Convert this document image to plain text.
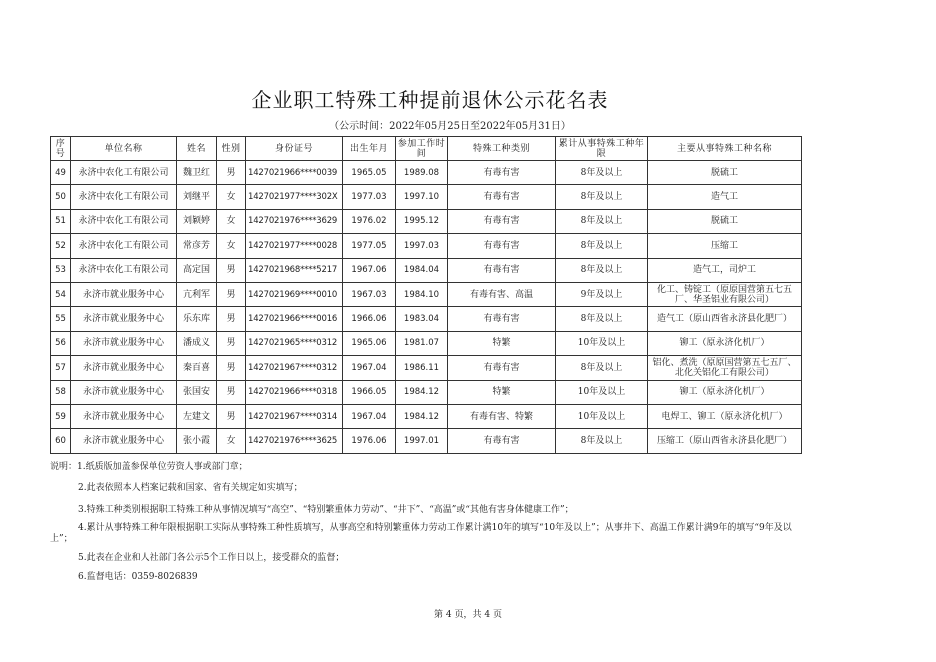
企业职工特殊工种提前退休公示花名表
（公示时间：2022年05月25日至2022年05月31日）
序号	单位名称	姓名	性别	身份证号	出生年月	参加工作时间	特殊工种类别	累计从事特殊工种年限	主要从事特殊工种名称
49	永济中农化工有限公司	魏卫红	男	1427021966****0039	1965.05	1989.08	有毒有害	8年及以上	脱硫工
50	永济中农化工有限公司	刘继平	女	1427021977****302X	1977.03	1997.10	有毒有害	8年及以上	造气工
51	永济中农化工有限公司	刘颖婷	女	1427021976****3629	1976.02	1995.12	有毒有害	8年及以上	脱硫工
52	永济中农化工有限公司	常彦芳	女	1427021977****0028	1977.05	1997.03	有毒有害	8年及以上	压缩工
53	永济中农化工有限公司	高定国	男	1427021968****5217	1967.06	1984.04	有毒有害	8年及以上	造气工，司炉工
54	永济市就业服务中心	亢利军	男	1427021969****0010	1967.03	1984.10	有毒有害、高温	9年及以上	化工、铸锭工（原原国营第五七五厂、华圣铝业有限公司）
55	永济市就业服务中心	乐东库	男	1427021966****0016	1966.06	1983.04	有毒有害	8年及以上	造气工（原山西省永济县化肥厂）
56	永济市就业服务中心	潘成义	男	1427021965****0312	1965.06	1981.07	特繁	10年及以上	铆工（原永济化机厂）
57	永济市就业服务中心	秦百喜	男	1427021967****0312	1967.04	1986.11	有毒有害	8年及以上	铝化、煮洗（原原国营第五七五厂、北化关铝化工有限公司）
58	永济市就业服务中心	张国安	男	1427021966****0318	1966.05	1984.12	特繁	10年及以上	铆工（原永济化机厂）
59	永济市就业服务中心	左建文	男	1427021967****0314	1967.04	1984.12	有毒有害、特繁	10年及以上	电焊工、铆工（原永济化机厂）
60	永济市就业服务中心	张小霞	女	1427021976****3625	1976.06	1997.01	有毒有害	8年及以上	压缩工（原山西省永济县化肥厂）
说明：1.纸质版加盖参保单位劳资人事或部门章；
2.此表依照本人档案记载和国家、省有关规定如实填写；
3.特殊工种类别根据职工特殊工种从事情况填写“高空”、“特别繁重体力劳动”、“井下”、“高温”或“其他有害身体健康工作”；
4.累计从事特殊工种年限根据职工实际从事特殊工种性质填写，从事高空和特别繁重体力劳动工作累计满10年的填写“10年及以上”；从事井下、高温工作累计满9年的填写“9年及以上”；
5.此表在企业和人社部门各公示5个工作日以上，接受群众的监督；
6.监督电话：0359-8026839
第 4 页，共 4 页
